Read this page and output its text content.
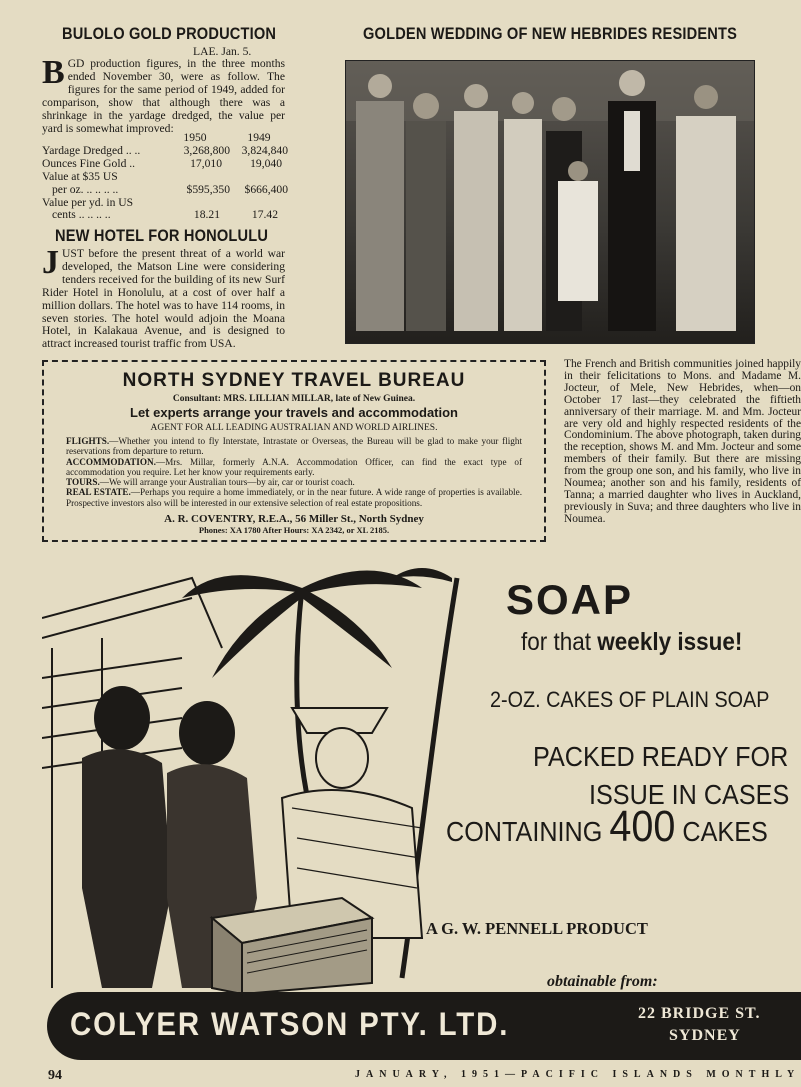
BULOLO GOLD PRODUCTION
LAE. Jan. 5.
B GD production figures, in the three months ended November 30, were as follow. The figures for the same period of 1949, added for comparison, show that although there was a shrinkage in the yardage dredged, the value per yard is somewhat improved:
	1950	1949
Yardage Dredged .. ..	3,268,800	3,824,840
Ounces Fine Gold ..	17,010	19,040
Value at $35 US		
per oz. .. .. .. ..	$595,350	$666,400
Value per yd. in US		
cents .. .. .. ..	18.21	17.42
NEW HOTEL FOR HONOLULU
J UST before the present threat of a world war developed, the Matson Line were considering tenders received for the building of its new Surf Rider Hotel in Honolulu, at a cost of over half a million dollars. The hotel was to have 114 rooms, in seven stories. The hotel would adjoin the Moana Hotel, in Kalakaua Avenue, and is designed to attract increased tourist traffic from USA.
GOLDEN WEDDING OF NEW HEBRIDES RESIDENTS
The French and British communities joined happily in their felicitations to Mons. and Madame M. Jocteur, of Mele, New Hebrides, when—on October 17 last—they celebrated the fiftieth anniversary of their marriage. M. and Mm. Jocteur are very old and highly respected residents of the Condominium. The above photograph, taken during the reception, shows M. and Mm. Jocteur and some members of their family. But there are missing from the group one son, and his family, who live in Noumea; another son and his family, residents of Tanna; a married daughter who lives in Auckland, previously in Suva; and three daughters who live in Noumea.
NORTH SYDNEY TRAVEL BUREAU
Consultant: MRS. LILLIAN MILLAR, late of New Guinea.
Let experts arrange your travels and accommodation
AGENT FOR ALL LEADING AUSTRALIAN AND WORLD AIRLINES.
FLIGHTS.—Whether you intend to fly Interstate, Intrastate or Overseas, the Bureau will be glad to make your flight reservations from departure to return.
ACCOMMODATION.—Mrs. Millar, formerly A.N.A. Accommodation Officer, can find the exact type of accommodation you require. Let her know your requirements early.
TOURS.—We will arrange your Australian tours—by air, car or tourist coach.
REAL ESTATE.—Perhaps you require a home immediately, or in the near future. A wide range of properties is available. Prospective investors also will be interested in our extensive selection of real estate propositions.
A. R. COVENTRY, R.E.A., 56 Miller St., North Sydney
Phones: XA 1780 After Hours: XA 2342, or XL 2185.
SOAP
for that weekly issue!
2-OZ. CAKES OF PLAIN SOAP
PACKED READY FOR
ISSUE IN CASES
CONTAINING 400 CAKES
A G. W. PENNELL PRODUCT
obtainable from:
COLYER WATSON PTY. LTD.	22 BRIDGE ST.
SYDNEY
94	JANUARY, 1951—PACIFIC ISLANDS MONTHLY
